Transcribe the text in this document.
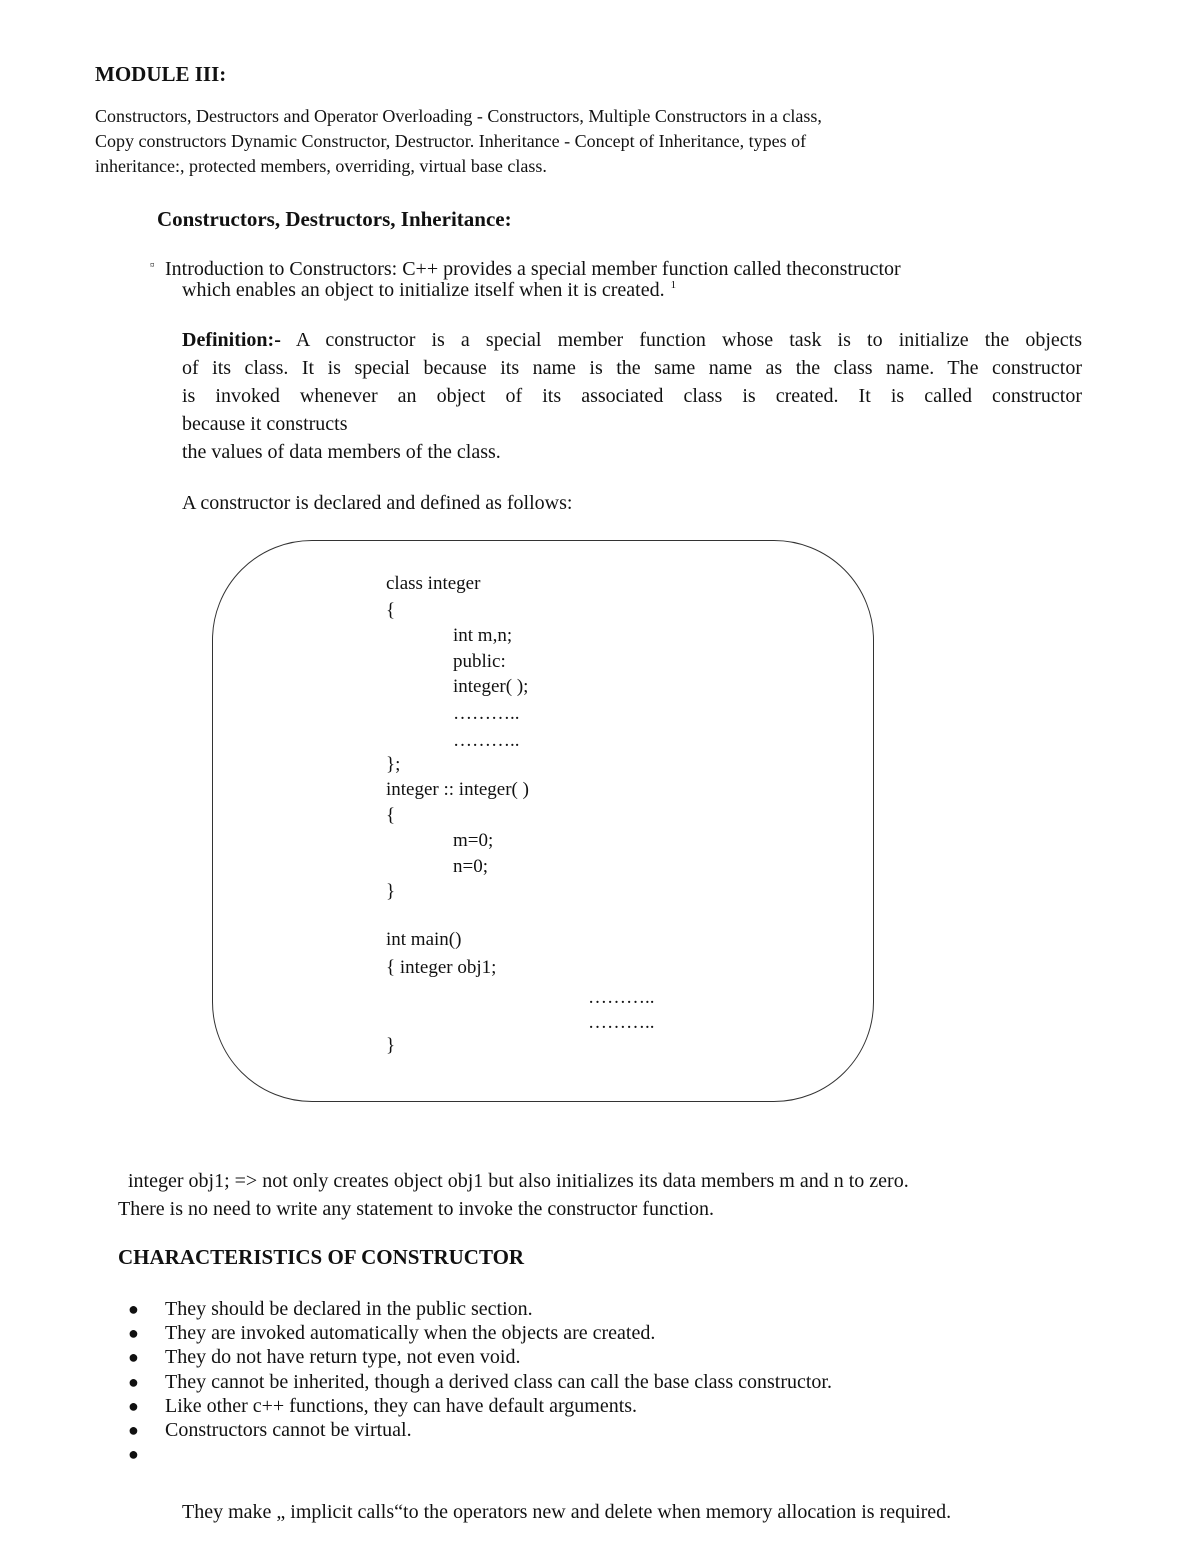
MODULE III:
Constructors, Destructors and Operator Overloading - Constructors, Multiple Constructors in a class,
Copy constructors Dynamic Constructor, Destructor. Inheritance - Concept of Inheritance, types of
inheritance:, protected members, overriding, virtual base class.
Constructors, Destructors, Inheritance:
¤ Introduction to Constructors: C++ provides a special member function called theconstructor
which enables an object to initialize itself when it is created. $^1$
Definition:- A constructor is a special member function whose task is to initialize the objects
of its class. It is special because its name is the same name as the class name. The constructor
is invoked whenever an object of its associated class is created. It is called constructor
because it constructs
the values of data members of the class.
A constructor is declared and defined as follows:
class integer
{
int m,n;
public:
integer( );
………..
………..
};
integer :: integer( )
{
m=0;
n=0;
}
int main()
{ integer obj1;
………..
………..
}
integer obj1; => not only creates object obj1 but also initializes its data members m and n to zero.
There is no need to write any statement to invoke the constructor function.
CHARACTERISTICS OF CONSTRUCTOR
●	They should be declared in the public section.
●	They are invoked automatically when the objects are created.
●	They do not have return type, not even void.
●	They cannot be inherited, though a derived class can call the base class constructor.
●	Like other c++ functions, they can have default arguments.
●	Constructors cannot be virtual.
●
They make „ implicit calls“to the operators new and delete when memory allocation is required.
